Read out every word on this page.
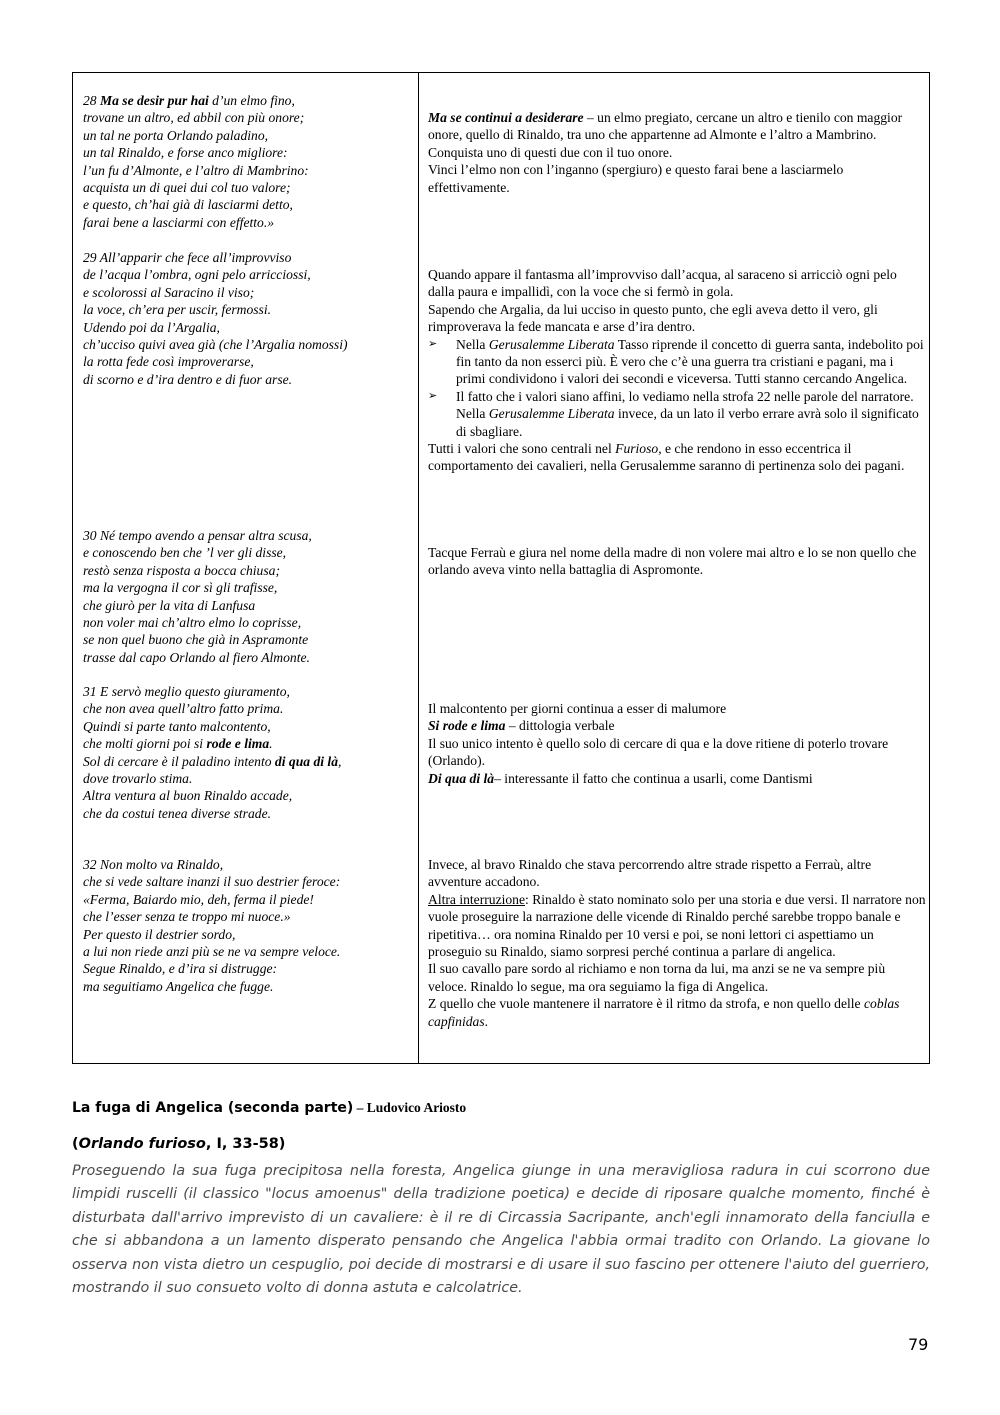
28 Ma se desir pur hai d’un elmo fino,
trovane un altro, ed abbil con più onore;
un tal ne porta Orlando paladino,
un tal Rinaldo, e forse anco migliore:
l’un fu d’Almonte, e l’altro di Mambrino:
acquista un di quei dui col tuo valore;
e questo, ch’hai già di lasciarmi detto,
farai bene a lasciarmi con effetto.»

Ma se continui a desiderare – un elmo pregiato, cercane un altro e tienilo con maggior onore, quello di Rinaldo, tra uno che appartenne ad Almonte e l’altro a Mambrino.

Conquista uno di questi due con il tuo onore.

Vinci l’elmo non con l’inganno (spergiuro) e questo farai bene a lasciarmelo effettivamente.

29 All’apparir che fece all’improvviso
de l’acqua l’ombra, ogni pelo arricciossi,
e scolorossi al Saracino il viso;
la voce, ch’era per uscir, fermossi.
Udendo poi da l’Argalia,
ch’ucciso quivi avea già (che l’Argalia nomossi)
la rotta fede così improverarse,
di scorno e d’ira dentro e di fuor arse.

Quando appare il fantasma all’improvviso dall’acqua, al saraceno si arricciò ogni pelo dalla paura e impallidì, con la voce che si fermò in gola.

Sapendo che Argalia, da lui ucciso in questo punto, che egli aveva detto il vero, gli rimproverava la fede mancata e arse d’ira dentro.

➢ Nella Gerusalemme Liberata Tasso riprende il concetto di guerra santa, indebolito poi fin tanto da non esserci più. È vero che c’è una guerra tra cristiani e pagani, ma i primi condividono i valori dei secondi e viceversa. Tutti stanno cercando Angelica.
➢ Il fatto che i valori siano affini, lo vediamo nella strofa 22 nelle parole del narratore. Nella Gerusalemme Liberata invece, da un lato il verbo errare avrà solo il significato di sbagliare.

Tutti i valori che sono centrali nel Furioso, e che rendono in esso eccentrica il comportamento dei cavalieri, nella Gerusalemme saranno di pertinenza solo dei pagani.

30 Né tempo avendo a pensar altra scusa,
e conoscendo ben che ’l ver gli disse,
restò senza risposta a bocca chiusa;
ma la vergogna il cor sì gli trafisse,
che giurò per la vita di Lanfusa
non voler mai ch’altro elmo lo coprisse,
se non quel buono che già in Aspramonte
trasse dal capo Orlando al fiero Almonte.

Tacque Ferraù e giura nel nome della madre di non volere mai altro e lo se non quello che orlando aveva vinto nella battaglia di Aspromonte.

31 E servò meglio questo giuramento,
che non avea quell’altro fatto prima.
Quindi si parte tanto malcontento,
che molti giorni poi si rode e lima.
Sol di cercare è il paladino intento di qua di là,
dove trovarlo stima.
Altra ventura al buon Rinaldo accade,
che da costui tenea diverse strade.

Il malcontento per giorni continua a esser di malumore

Si rode e lima – dittologia verbale

Il suo unico intento è quello solo di cercare di qua e la dove ritiene di poterlo trovare (Orlando).

Di qua di là– interessante il fatto che continua a usarli, come Dantismi

32 Non molto va Rinaldo,
che si vede saltare inanzi il suo destrier feroce:
«Ferma, Baiardo mio, deh, ferma il piede!
che l’esser senza te troppo mi nuoce.»
Per questo il destrier sordo,
a lui non riede anzi più se ne va sempre veloce.
Segue Rinaldo, e d’ira si distrugge:
ma seguitiamo Angelica che fugge.

Invece, al bravo Rinaldo che stava percorrendo altre strade rispetto a Ferraù, altre avventure accadono.

Altra interruzione: Rinaldo è stato nominato solo per una storia e due versi. Il narratore non vuole proseguire la narrazione delle vicende di Rinaldo perché sarebbe troppo banale e ripetitiva… ora nomina Rinaldo per 10 versi e poi, se noni lettori ci aspettiamo un proseguio su Rinaldo, siamo sorpresi perché continua a parlare di angelica.

Il suo cavallo pare sordo al richiamo e non torna da lui, ma anzi se ne va sempre più veloce. Rinaldo lo segue, ma ora seguiamo la figa di Angelica.

Z quello che vuole mantenere il narratore è il ritmo da strofa, e non quello delle coblas capfinidas.

La fuga di Angelica (seconda parte) – Ludovico Ariosto
(Orlando furioso, I, 33-58)

Proseguendo la sua fuga precipitosa nella foresta, Angelica giunge in una meravigliosa radura in cui scorrono due limpidi ruscelli (il classico "locus amoenus" della tradizione poetica) e decide di riposare qualche momento, finché è disturbata dall'arrivo imprevisto di un cavaliere: è il re di Circassia Sacripante, anch'egli innamorato della fanciulla e che si abbandona a un lamento disperato pensando che Angelica l'abbia ormai tradito con Orlando. La giovane lo osserva non vista dietro un cespuglio, poi decide di mostrarsi e di usare il suo fascino per ottenere l'aiuto del guerriero, mostrando il suo consueto volto di donna astuta e calcolatrice.

79
